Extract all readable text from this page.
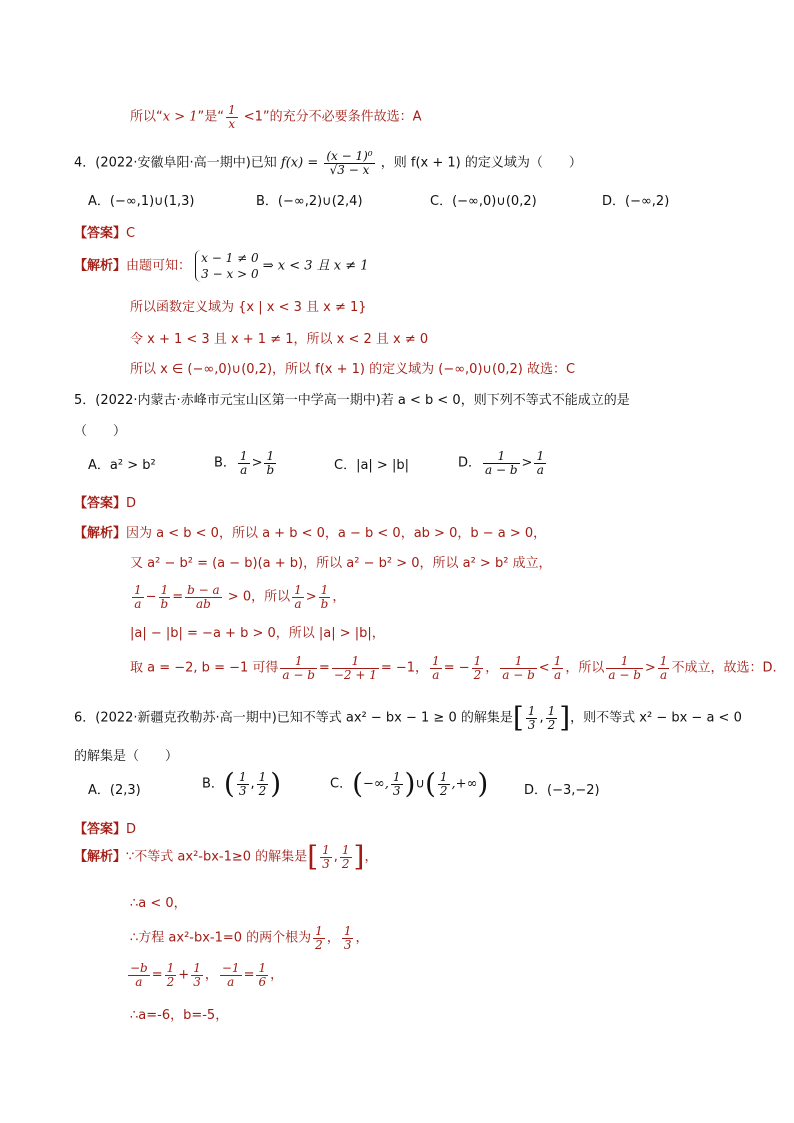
所以“x > 1”是“ $\frac{1}{x} <1$”的充分不必要条件故选：A
4．(2022·安徽阜阳·高一期中)已知 $f(x) = \frac{\text{(x − 1)⁰}}{√3 - x}$ ，则 f(x + 1) 的定义域为（　　）
A．(−∞,1)∪(1,3)	B．(−∞,2)∪(2,4)	C．(−∞,0)∪(0,2)	D．(−∞,2)
【答案】C
【解析】由题可知：
x − 1 ≠ 0
3 − x > 0
⇒ x < 3 且 x ≠ 1
所以函数定义域为 {x | x < 3 且 x ≠ 1}
令 x + 1 < 3 且 x + 1 ≠ 1，所以 x < 2 且 x ≠ 0
所以 x ∈ (−∞,0)∪(0,2)，所以 f(x + 1) 的定义域为 (−∞,0)∪(0,2) 故选：C
5．(2022·内蒙古·赤峰市元宝山区第一中学高一期中)若 a < b < 0，则下列不等式不能成立的是
（　　）
A．a² > b²	B． $\frac{1}{a} > \frac{1}{b}$	C．|a| > |b|	D． $\frac{1}{a - b} > \frac{1}{a}$
【答案】D
【解析】因为 a < b < 0，所以 a + b < 0，a − b < 0，ab > 0，b − a > 0，
又 a² − b² = (a − b)(a + b)，所以 a² − b² > 0，所以 a² > b² 成立，
$\frac{1}{a} - \frac{1}{b} = \frac{b - a}{ab} > 0$，所以 $\frac{1}{a} > \frac{1}{b}$ ，
|a| − |b| = −a + b > 0，所以 |a| > |b|，
取 a = −2, b = −1 可得 $\frac{1}{a - b} = \frac{1}{-2 + 1} = -1$， $\frac{1}{a}$ = − $\frac{1}{2}$ ， $\frac{1}{a - b} < \frac{1}{a}$ ，所以 $\frac{1}{a - b} > \frac{1}{a}$ 不成立，故选：D.
6．(2022·新疆克孜勒苏·高一期中)已知不等式 ax² − bx − 1 ≥ 0 的解集是[ $\frac{1}{3}$ , $\frac{1}{2}$ ]，则不等式 x² − bx − a < 0
的解集是（　　）
A．(2,3)	B．( $\frac{1}{3}$ , $\frac{1}{2}$ )	C．(−∞, $\frac{1}{3}$ )∪( $\frac{1}{2}$ ,+∞)	D．(−3,−2)
【答案】D
【解析】∵不等式 ax²-bx-1≥0 的解集是[ $\frac{1}{3}$ , $\frac{1}{2}$ ]，
∴a < 0，
∴方程 ax²-bx-1=0 的两个根为 $\frac{1}{2}$ ， $\frac{1}{3}$ ，
$\frac{-b}{a} = \frac{1}{2} + \frac{1}{3}$ ， $\frac{-1}{a} = \frac{1}{6}$ ，
∴a=-6，b=-5，
